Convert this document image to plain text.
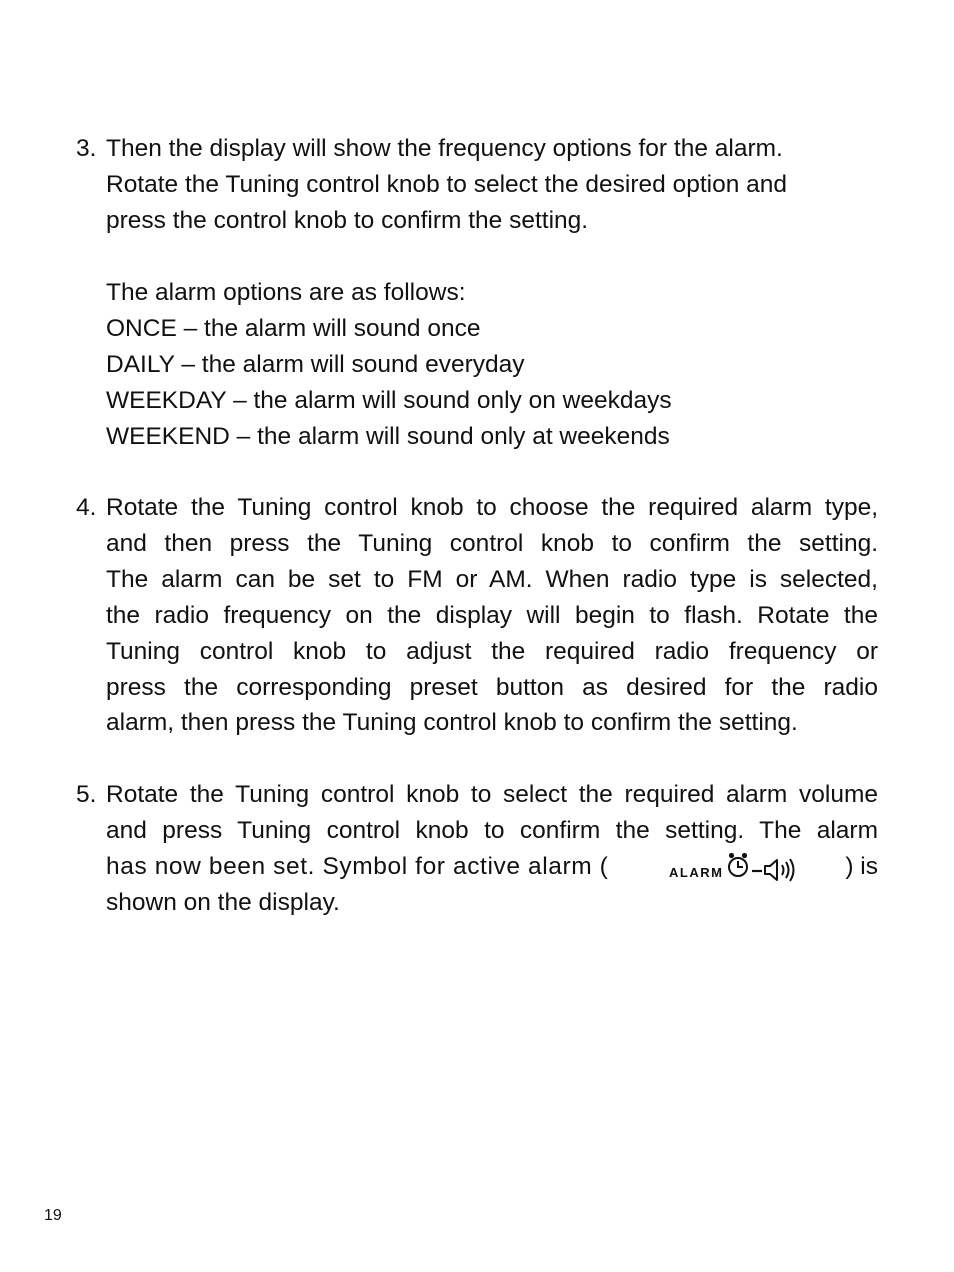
3. Then the display will show the frequency options for the alarm.
Rotate the Tuning control knob to select the desired option and
press the control knob to confirm the setting.
The alarm options are as follows:
ONCE – the alarm will sound once
DAILY – the alarm will sound everyday
WEEKDAY – the alarm will sound only on weekdays
WEEKEND – the alarm will sound only at weekends
4. Rotate the Tuning control knob to choose the required alarm type,
and then press the Tuning control knob to confirm the setting.
The alarm can be set to FM or AM. When radio type is selected,
the radio frequency on the display will begin to flash. Rotate the
Tuning control knob to adjust the required radio frequency or
press the corresponding preset button as desired for the radio
alarm, then press the Tuning control knob to confirm the setting.
5. Rotate the Tuning control knob to select the required alarm volume
and press Tuning control knob to confirm the setting. The alarm
has now been set. Symbol for active alarm (	ALARM	) is
shown on the display.
19
